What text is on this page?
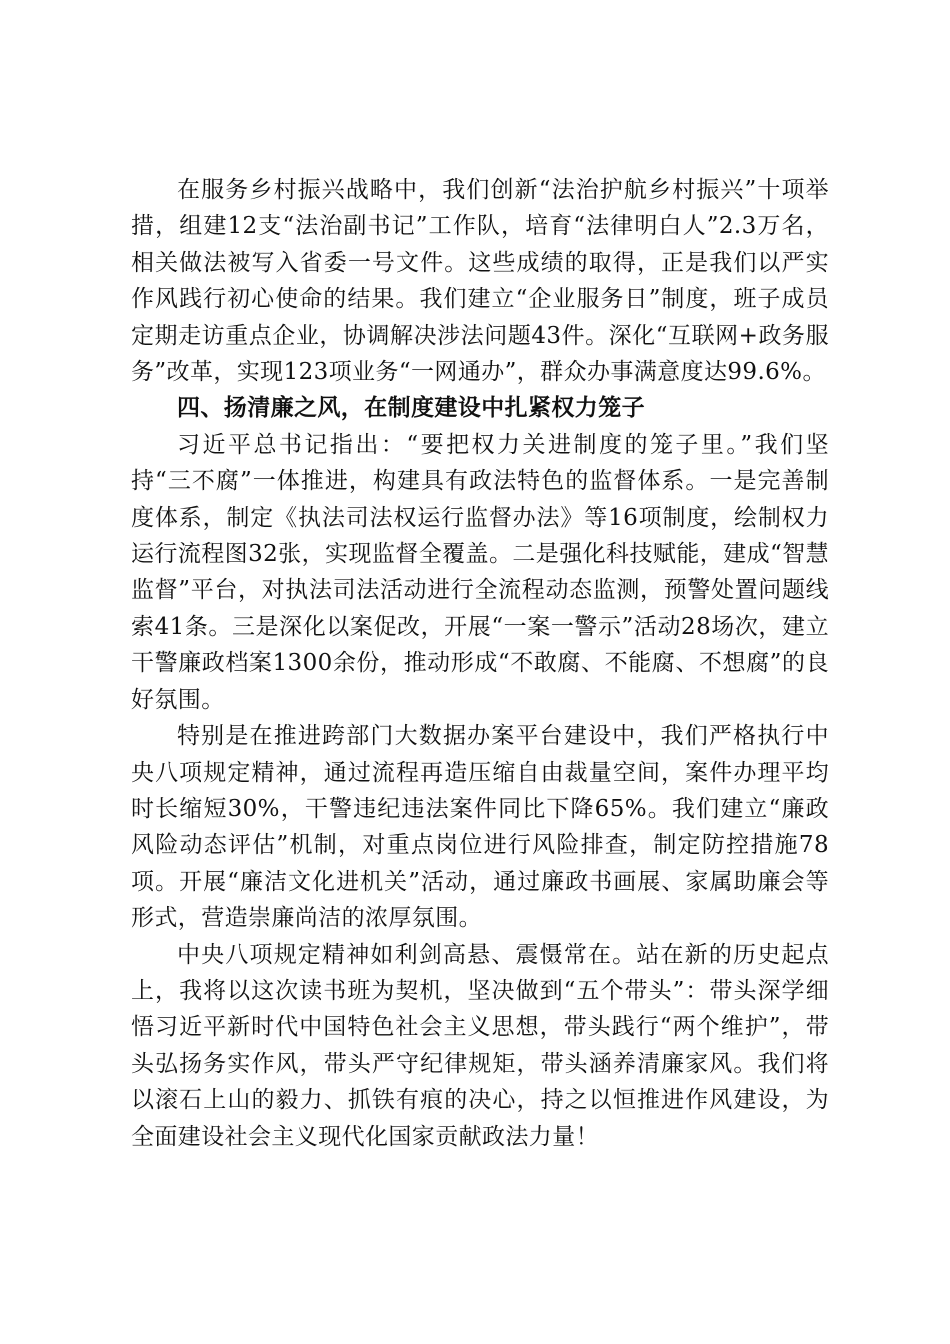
在服务乡村振兴战略中，我们创新“法治护航乡村振兴”十项举措，组建12支“法治副书记”工作队，培育“法律明白人”2.3万名，相关做法被写入省委一号文件。这些成绩的取得，正是我们以严实作风践行初心使命的结果。我们建立“企业服务日”制度，班子成员定期走访重点企业，协调解决涉法问题43件。深化“互联网+政务服务”改革，实现123项业务“一网通办”，群众办事满意度达99.6%。

四、扬清廉之风，在制度建设中扎紧权力笼子

习近平总书记指出：“要把权力关进制度的笼子里。”我们坚持“三不腐”一体推进，构建具有政法特色的监督体系。一是完善制度体系，制定《执法司法权运行监督办法》等16项制度，绘制权力运行流程图32张，实现监督全覆盖。二是强化科技赋能，建成“智慧监督”平台，对执法司法活动进行全流程动态监测，预警处置问题线索41条。三是深化以案促改，开展“一案一警示”活动28场次，建立干警廉政档案1300余份，推动形成“不敢腐、不能腐、不想腐”的良好氛围。

特别是在推进跨部门大数据办案平台建设中，我们严格执行中央八项规定精神，通过流程再造压缩自由裁量空间，案件办理平均时长缩短30%，干警违纪违法案件同比下降65%。我们建立“廉政风险动态评估”机制，对重点岗位进行风险排查，制定防控措施78项。开展“廉洁文化进机关”活动，通过廉政书画展、家属助廉会等形式，营造崇廉尚洁的浓厚氛围。

中央八项规定精神如利剑高悬、震慑常在。站在新的历史起点上，我将以这次读书班为契机，坚决做到“五个带头”：带头深学细悟习近平新时代中国特色社会主义思想，带头践行“两个维护”，带头弘扬务实作风，带头严守纪律规矩，带头涵养清廉家风。我们将以滚石上山的毅力、抓铁有痕的决心，持之以恒推进作风建设，为全面建设社会主义现代化国家贡献政法力量！
